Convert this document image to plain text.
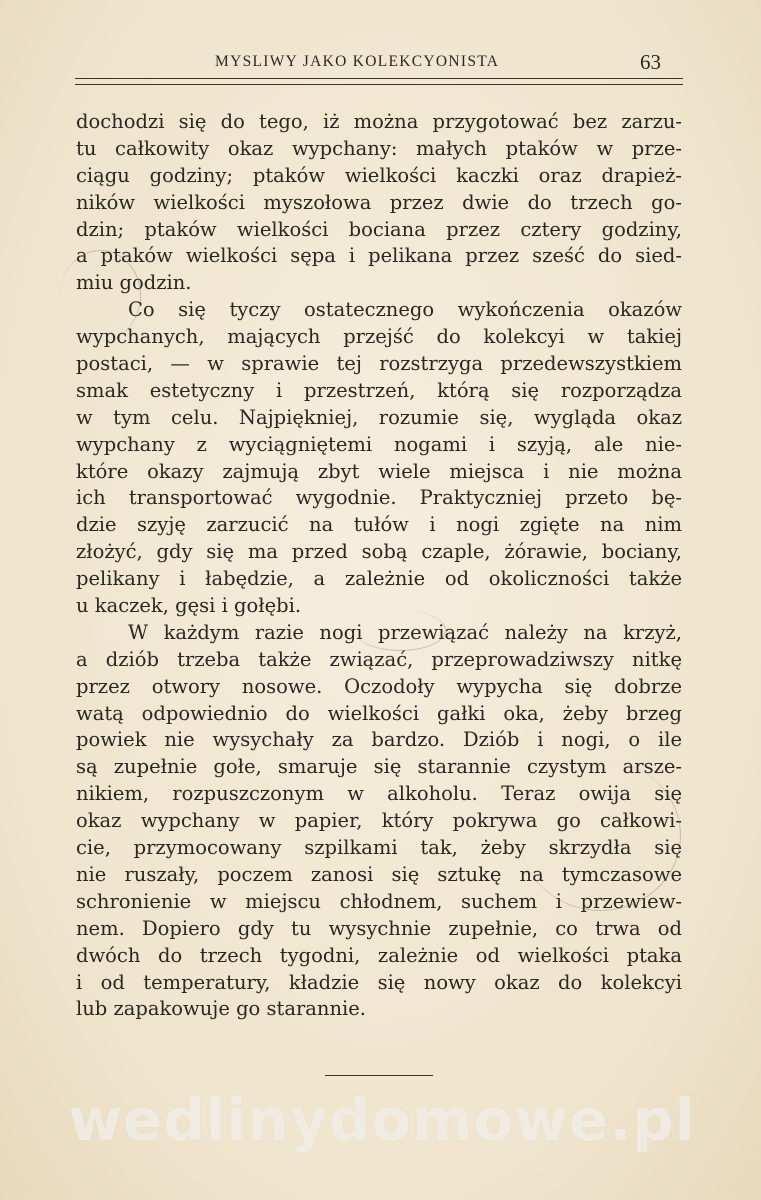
MYSLIWY JAKO KOLEKCYONISTA	63
dochodzi się do tego, iż można przygotować bez zarzu-
tu całkowity okaz wypchany: małych ptaków w prze-
ciągu godziny; ptaków wielkości kaczki oraz drapież-
ników wielkości myszołowa przez dwie do trzech go-
dzin; ptaków wielkości bociana przez cztery godziny,
a ptaków wielkości sępa i pelikana przez sześć do sied-
miu godzin.
Co się tyczy ostatecznego wykończenia okazów
wypchanych, mających przejść do kolekcyi w takiej
postaci, — w sprawie tej rozstrzyga przedewszystkiem
smak estetyczny i przestrzeń, którą się rozporządza
w tym celu. Najpiękniej, rozumie się, wygląda okaz
wypchany z wyciągniętemi nogami i szyją, ale nie-
które okazy zajmują zbyt wiele miejsca i nie można
ich transportować wygodnie. Praktyczniej przeto bę-
dzie szyję zarzucić na tułów i nogi zgięte na nim
złożyć, gdy się ma przed sobą czaple, żórawie, bociany,
pelikany i łabędzie, a zależnie od okoliczności także
u kaczek, gęsi i gołębi.
W każdym razie nogi przewiązać należy na krzyż,
a dziób trzeba także związać, przeprowadziwszy nitkę
przez otwory nosowe. Oczodoły wypycha się dobrze
watą odpowiednio do wielkości gałki oka, żeby brzeg
powiek nie wysychały za bardzo. Dziób i nogi, o ile
są zupełnie gołe, smaruje się starannie czystym arsze-
nikiem, rozpuszczonym w alkoholu. Teraz owija się
okaz wypchany w papier, który pokrywa go całkowi-
cie, przymocowany szpilkami tak, żeby skrzydła się
nie ruszały, poczem zanosi się sztukę na tymczasowe
schronienie w miejscu chłodnem, suchem i przewiew-
nem. Dopiero gdy tu wysychnie zupełnie, co trwa od
dwóch do trzech tygodni, zależnie od wielkości ptaka
i od temperatury, kładzie się nowy okaz do kolekcyi
lub zapakowuje go starannie.
wedlinydomowe.pl
